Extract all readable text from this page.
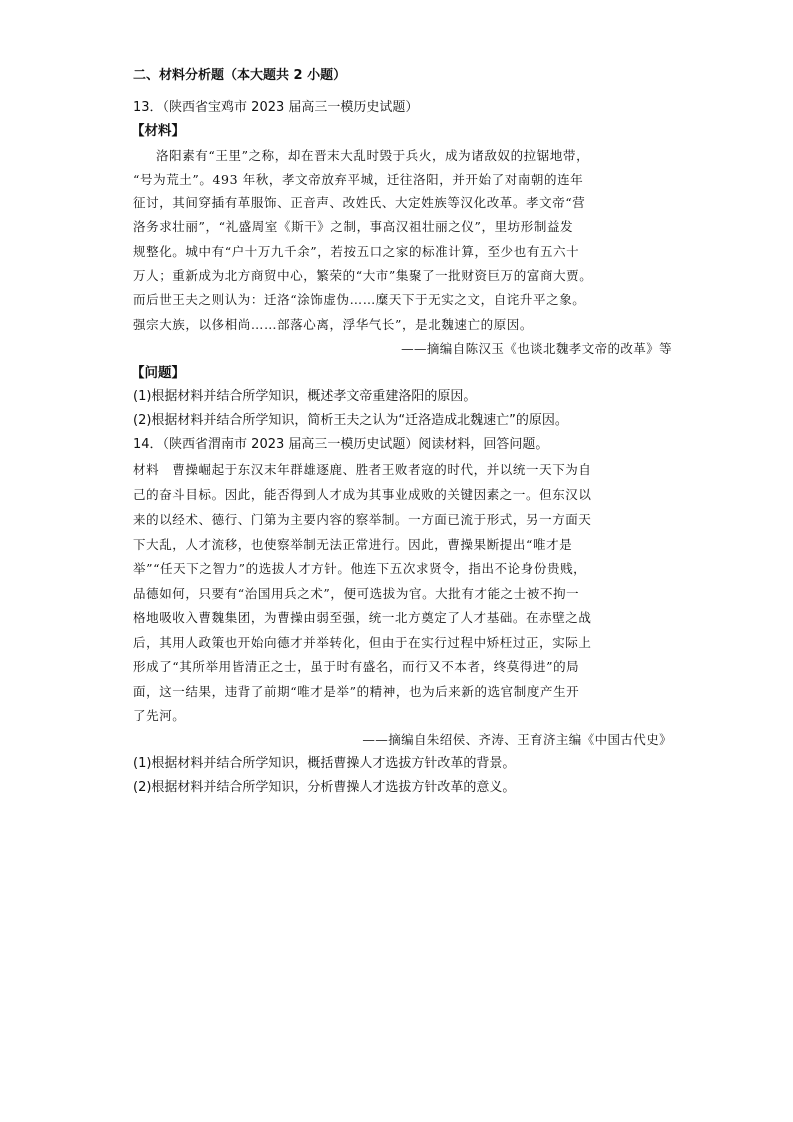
二、材料分析题（本大题共 2 小题）
13．（陕西省宝鸡市 2023 届高三一模历史试题）
【材料】
洛阳素有“王里”之称，却在晋末大乱时毁于兵火，成为诸敌奴的拉锯地带，
“号为荒土”。493 年秋，孝文帝放弃平城，迁往洛阳，并开始了对南朝的连年
征讨，其间穿插有革服饰、正音声、改姓氏、大定姓族等汉化改革。孝文帝“营
洛务求壮丽”，“礼盛周室《斯干》之制，事高汉祖壮丽之仪”，里坊形制益发
规整化。城中有“户十万九千余”，若按五口之家的标准计算，至少也有五六十
万人；重新成为北方商贸中心，繁荣的“大市”集聚了一批财资巨万的富商大贾。
而后世王夫之则认为：迁洛“涂饰虚伪……糜天下于无实之文，自诧升平之象。
强宗大族，以侈相尚……部落心离，浮华气长”，是北魏速亡的原因。
——摘编自陈汉玉《也谈北魏孝文帝的改革》等
【问题】
(1)根据材料并结合所学知识，概述孝文帝重建洛阳的原因。
(2)根据材料并结合所学知识，简析王夫之认为“迁洛造成北魏速亡”的原因。
14．（陕西省渭南市 2023 届高三一模历史试题）阅读材料，回答问题。
材料　曹操崛起于东汉末年群雄逐鹿、胜者王败者寇的时代，并以统一天下为自
己的奋斗目标。因此，能否得到人才成为其事业成败的关键因素之一。但东汉以
来的以经术、德行、门第为主要内容的察举制。一方面已流于形式，另一方面天
下大乱，人才流移，也使察举制无法正常进行。因此，曹操果断提出“唯才是
举”“任天下之智力”的选拔人才方针。他连下五次求贤令，指出不论身份贵贱，
品德如何，只要有“治国用兵之术”，便可选拔为官。大批有才能之士被不拘一
格地吸收入曹魏集团，为曹操由弱至强，统一北方奠定了人才基础。在赤壁之战
后，其用人政策也开始向德才并举转化，但由于在实行过程中矫枉过正，实际上
形成了“其所举用皆清正之士，虽于时有盛名，而行又不本者，终莫得进”的局
面，这一结果，违背了前期“唯才是举”的精神，也为后来新的选官制度产生开
了先河。
——摘编自朱绍侯、齐涛、王育济主编《中国古代史》
(1)根据材料并结合所学知识，概括曹操人才选拔方针改革的背景。
(2)根据材料并结合所学知识，分析曹操人才选拔方针改革的意义。
